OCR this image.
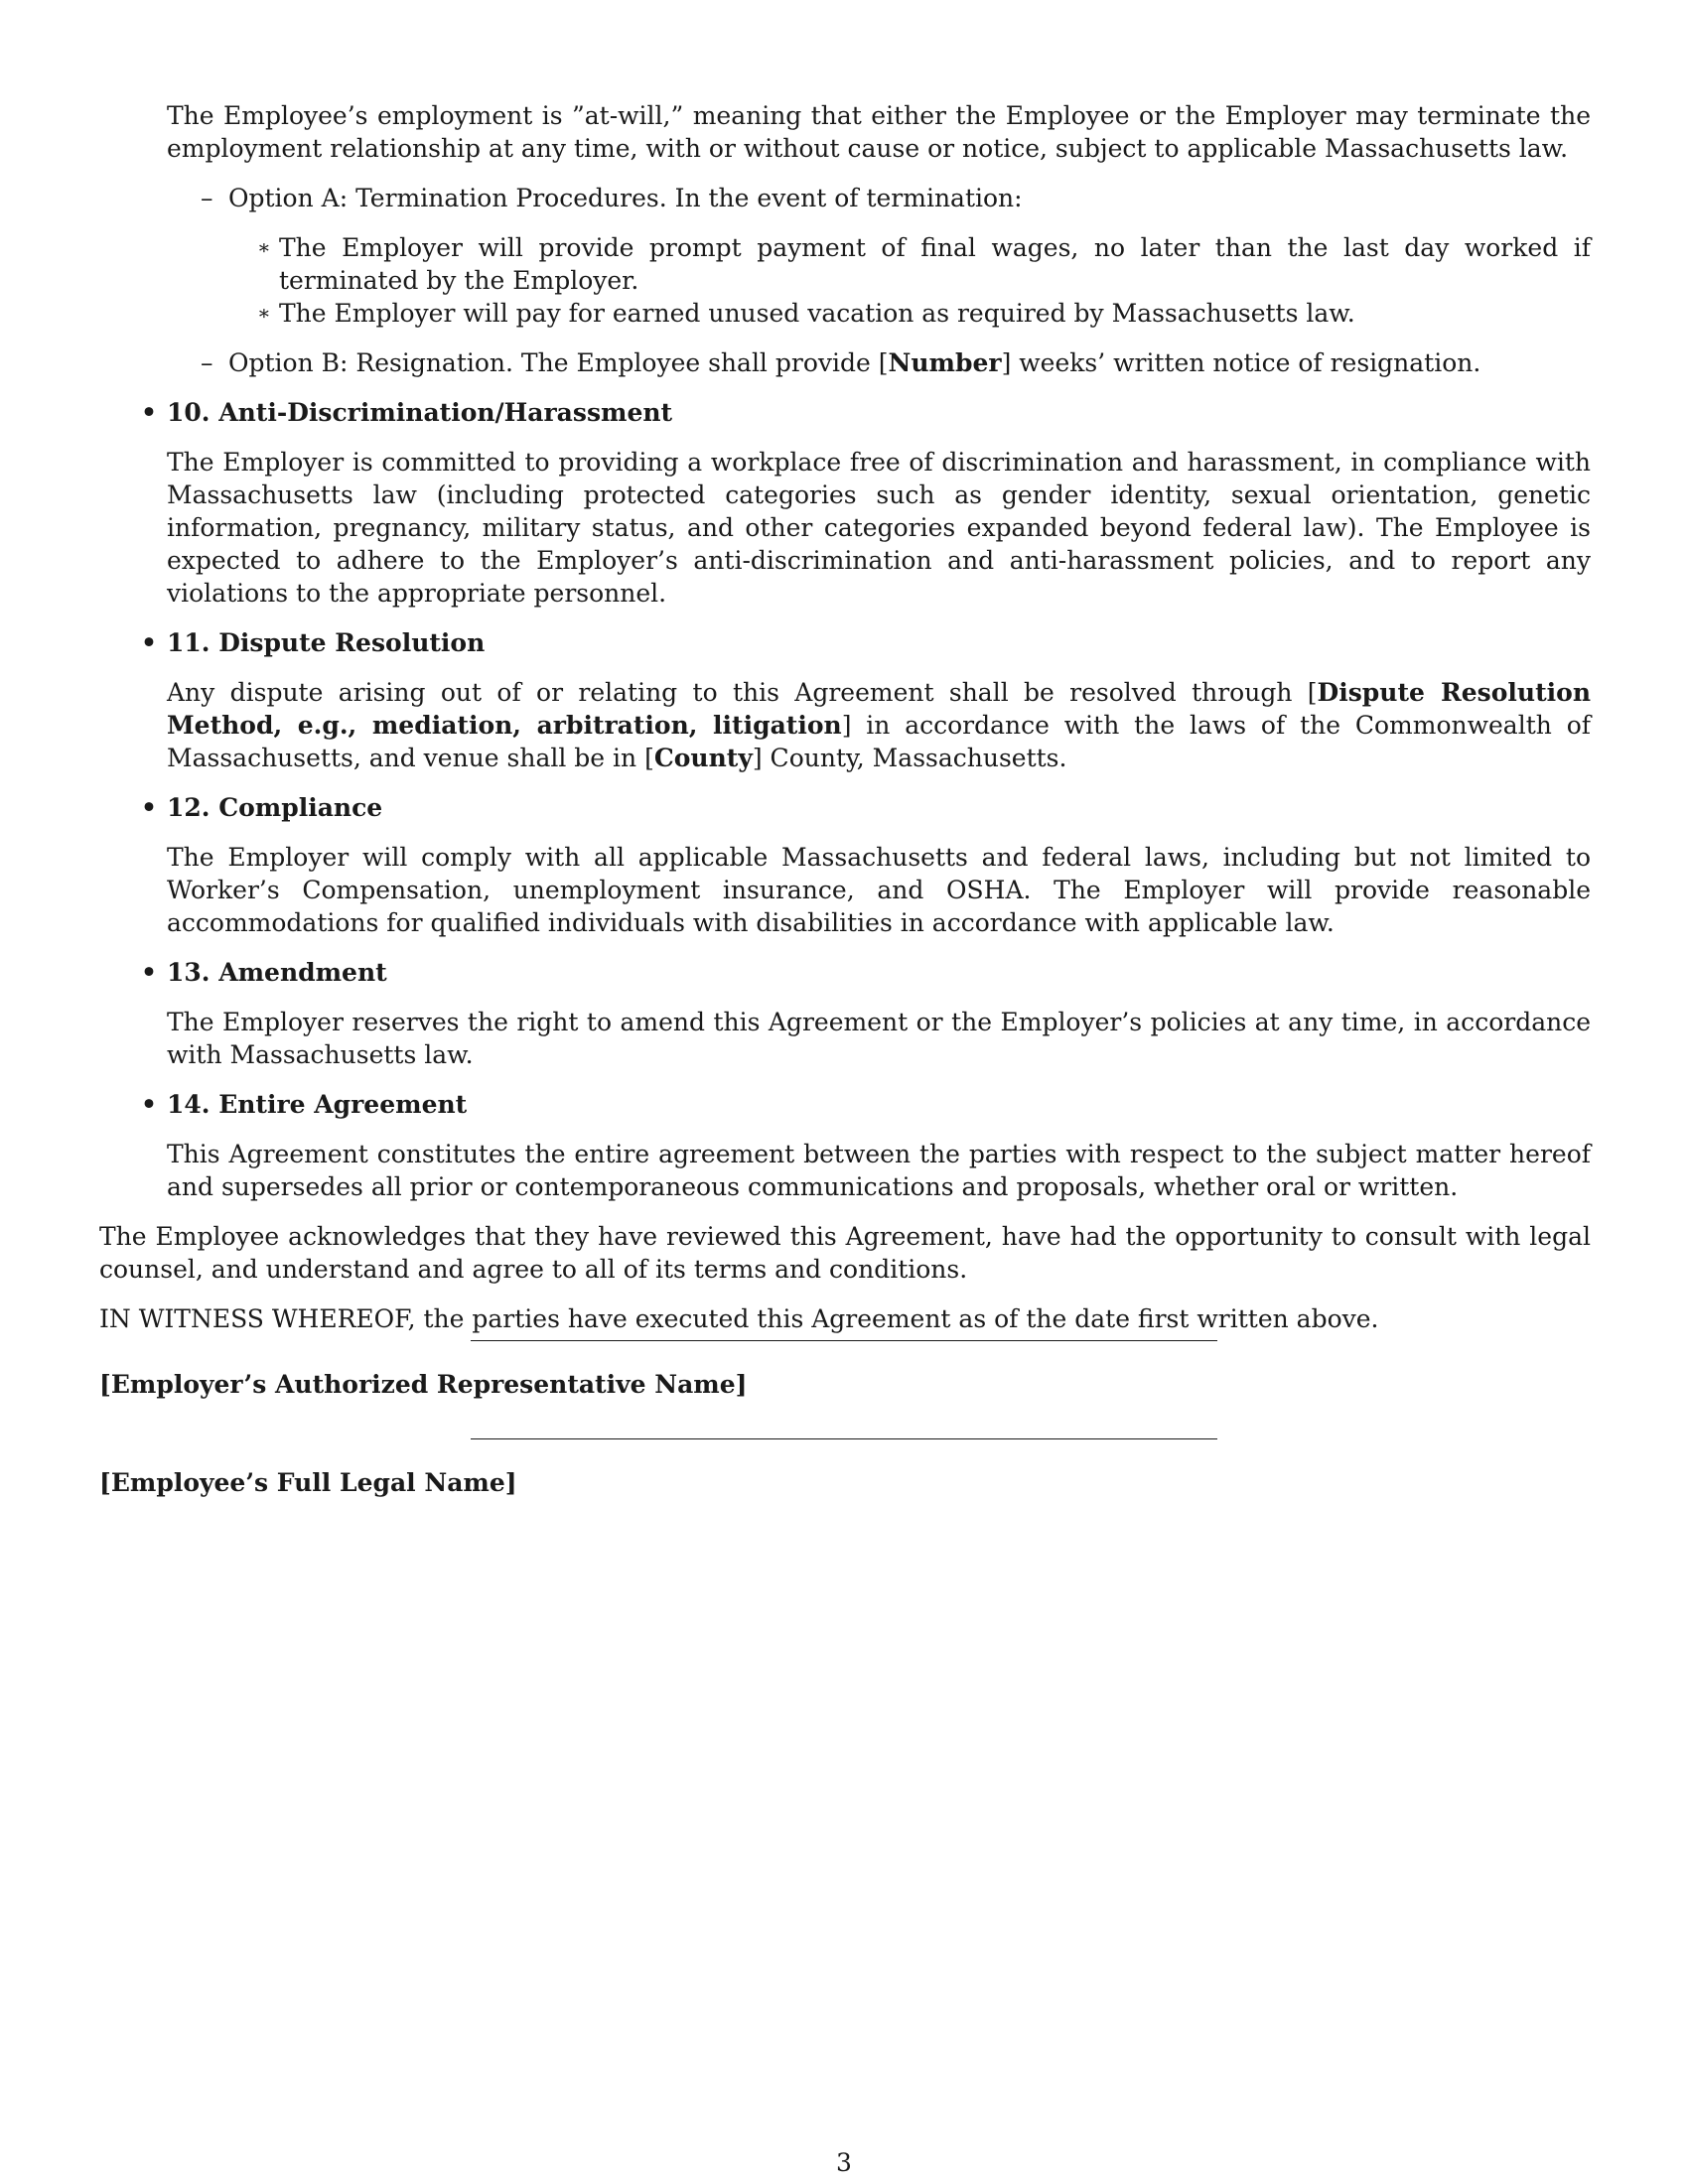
The Employee’s employment is ”at-will,” meaning that either the Employee or the Employer may terminate the employment relationship at any time, with or without cause or notice, subject to applicable Massachusetts law.

– Option A: Termination Procedures. In the event of termination:

∗ The Employer will provide prompt payment of final wages, no later than the last day worked if terminated by the Employer.

∗ The Employer will pay for earned unused vacation as required by Massachusetts law.

– Option B: Resignation. The Employee shall provide [Number] weeks’ written notice of resignation.

• 10. Anti-Discrimination/Harassment

The Employer is committed to providing a workplace free of discrimination and harassment, in compliance with Massachusetts law (including protected categories such as gender identity, sexual orientation, genetic information, pregnancy, military status, and other categories expanded beyond federal law). The Employee is expected to adhere to the Employer’s anti-discrimination and anti-harassment policies, and to report any violations to the appropriate personnel.

• 11. Dispute Resolution

Any dispute arising out of or relating to this Agreement shall be resolved through [Dispute Resolution Method, e.g., mediation, arbitration, litigation] in accordance with the laws of the Commonwealth of Massachusetts, and venue shall be in [County] County, Massachusetts.

• 12. Compliance

The Employer will comply with all applicable Massachusetts and federal laws, including but not limited to Worker’s Compensation, unemployment insurance, and OSHA. The Employer will provide reasonable accommodations for qualified individuals with disabilities in accordance with applicable law.

• 13. Amendment

The Employer reserves the right to amend this Agreement or the Employer’s policies at any time, in accordance with Massachusetts law.

• 14. Entire Agreement

This Agreement constitutes the entire agreement between the parties with respect to the subject matter hereof and supersedes all prior or contemporaneous communications and proposals, whether oral or written.

The Employee acknowledges that they have reviewed this Agreement, have had the opportunity to consult with legal counsel, and understand and agree to all of its terms and conditions.

IN WITNESS WHEREOF, the parties have executed this Agreement as of the date first written above.

[Employer’s Authorized Representative Name]
[Employee’s Full Legal Name]
3
